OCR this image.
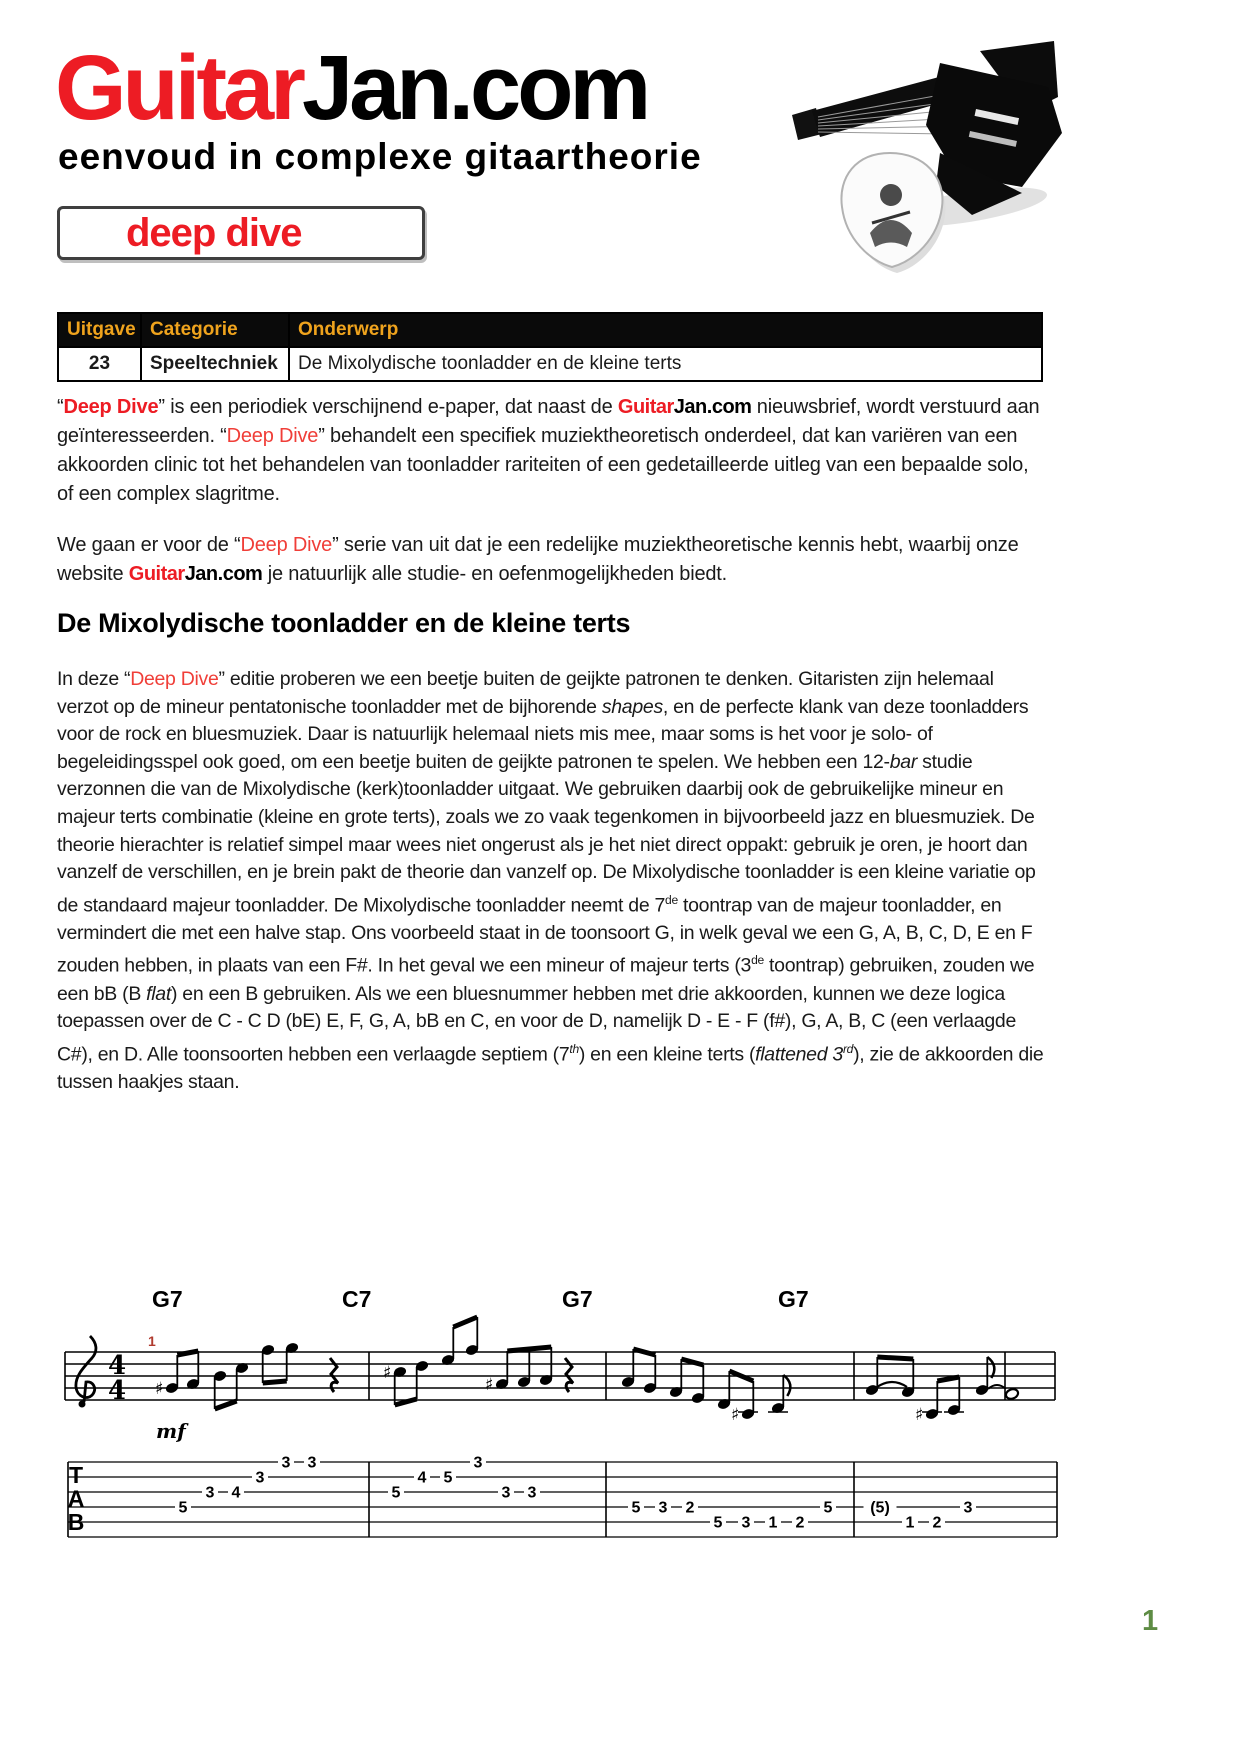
GuitarJan.com
eenvoud in complexe gitaartheorie
deep dive
Uitgave	Categorie	Onderwerp
23	Speeltechniek	De Mixolydische toonladder en de kleine terts
“Deep Dive” is een periodiek verschijnend e-paper, dat naast de GuitarJan.com nieuwsbrief, wordt verstuurd aan geïnteresseerden. “Deep Dive” behandelt een specifiek muziektheoretisch onderdeel, dat kan variëren van een akkoorden clinic tot het behandelen van toonladder rariteiten of een gedetailleerde uitleg van een bepaalde solo, of een complex slagritme.
We gaan er voor de “Deep Dive” serie van uit dat je een redelijke muziektheoretische kennis hebt, waarbij onze website GuitarJan.com je natuurlijk alle studie- en oefenmogelijkheden biedt.
De Mixolydische toonladder en de kleine terts
In deze “Deep Dive” editie proberen we een beetje buiten de geijkte patronen te denken. Gitaristen zijn helemaal verzot op de mineur pentatonische toonladder met de bijhorende shapes, en de perfecte klank van deze toonladders voor de rock en bluesmuziek. Daar is natuurlijk helemaal niets mis mee, maar soms is het voor je solo- of begeleidingsspel ook goed, om een beetje buiten de geijkte patronen te spelen. We hebben een 12-bar studie verzonnen die van de Mixolydische (kerk)toonladder uitgaat. We gebruiken daarbij ook de gebruikelijke mineur en majeur terts combinatie (kleine en grote terts), zoals we zo vaak tegenkomen in bijvoorbeeld jazz en bluesmuziek. De theorie hierachter is relatief simpel maar wees niet ongerust als je het niet direct oppakt: gebruik je oren, je hoort dan vanzelf de verschillen, en je brein pakt de theorie dan vanzelf op. De Mixolydische toonladder is een kleine variatie op de standaard majeur toonladder. De Mixolydische toonladder neemt de 7de toontrap van de majeur toonladder, en vermindert die met een halve stap. Ons voorbeeld staat in de toonsoort G, in welk geval we een G, A, B, C, D, E en F zouden hebben, in plaats van een F#. In het geval we een mineur of majeur terts (3de toontrap) gebruiken, zouden we een bB (B flat) en een B gebruiken. Als we een bluesnummer hebben met drie akkoorden, kunnen we deze logica toepassen over de C - C D (bE) E, F, G, A, bB en C, en voor de D, namelijk D - E - F (f#), G, A, B, C (een verlaagde C#), en D. Alle toonsoorten hebben een verlaagde septiem (7th) en een kleine terts (flattened 3rd), zie de akkoorden die tussen haakjes staan.
G7	C7	G7	G7
4
4
1
mf
♯
♯
♯
♯	♯
T
A
B
5
3 4
3
3 3
5
4 5
3
3 3
5 3 2
5 3 1 2
5 (5)
1 2
3
1
